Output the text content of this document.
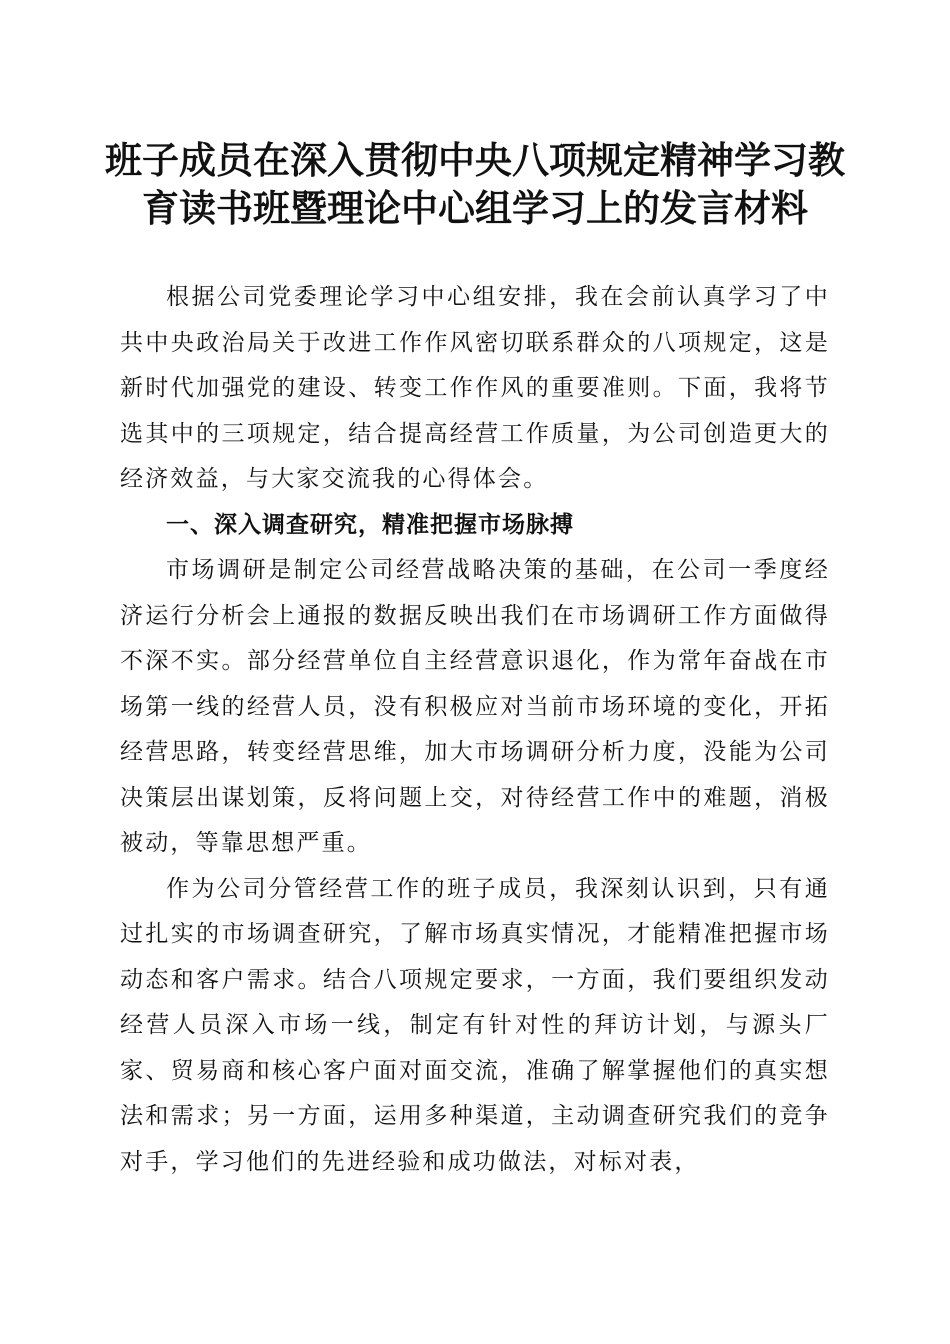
班子成员在深入贯彻中央八项规定精神学习教育读书班暨理论中心组学习上的发言材料

根据公司党委理论学习中心组安排，我在会前认真学习了中共中央政治局关于改进工作作风密切联系群众的八项规定，这是新时代加强党的建设、转变工作作风的重要准则。下面，我将节选其中的三项规定，结合提高经营工作质量，为公司创造更大的经济效益，与大家交流我的心得体会。

一、深入调查研究，精准把握市场脉搏

市场调研是制定公司经营战略决策的基础，在公司一季度经济运行分析会上通报的数据反映出我们在市场调研工作方面做得不深不实。部分经营单位自主经营意识退化，作为常年奋战在市场第一线的经营人员，没有积极应对当前市场环境的变化，开拓经营思路，转变经营思维，加大市场调研分析力度，没能为公司决策层出谋划策，反将问题上交，对待经营工作中的难题，消极被动，等靠思想严重。

作为公司分管经营工作的班子成员，我深刻认识到，只有通过扎实的市场调查研究，了解市场真实情况，才能精准把握市场动态和客户需求。结合八项规定要求，一方面，我们要组织发动经营人员深入市场一线，制定有针对性的拜访计划，与源头厂家、贸易商和核心客户面对面交流，准确了解掌握他们的真实想法和需求；另一方面，运用多种渠道，主动调查研究我们的竞争对手，学习他们的先进经验和成功做法，对标对表，
